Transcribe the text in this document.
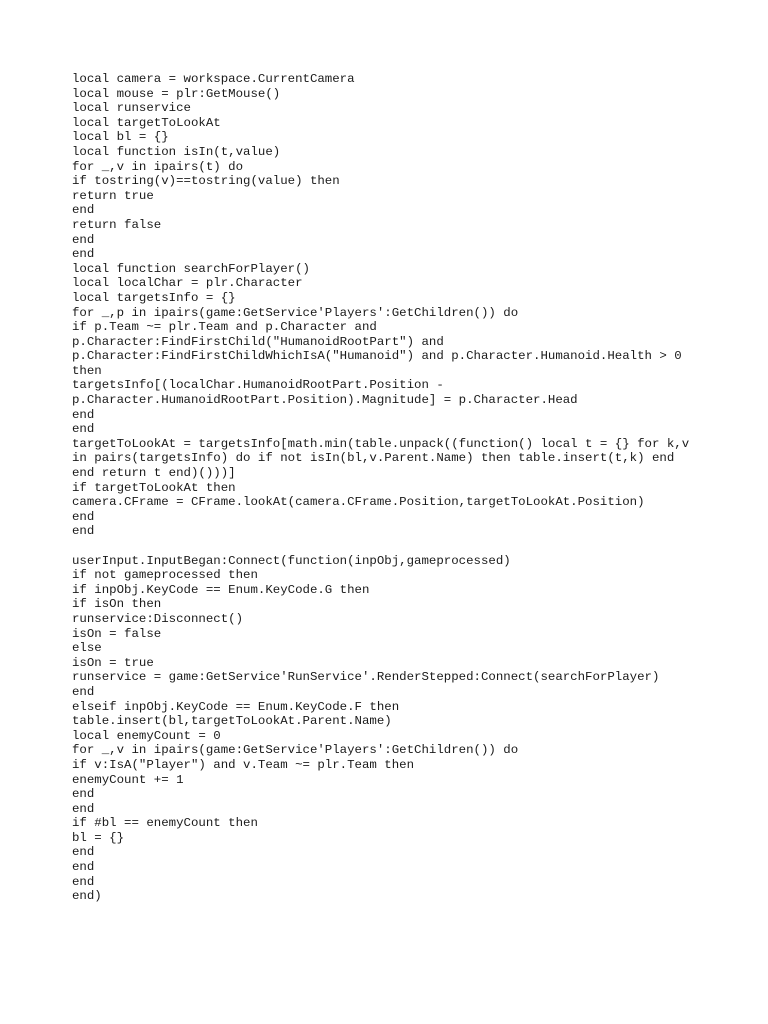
local camera = workspace.CurrentCamera
local mouse = plr:GetMouse()
local runservice
local targetToLookAt
local bl = {}
local function isIn(t,value)
for _,v in ipairs(t) do
if tostring(v)==tostring(value) then
return true
end
return false
end
end
local function searchForPlayer()
local localChar = plr.Character
local targetsInfo = {}
for _,p in ipairs(game:GetService'Players':GetChildren()) do
if p.Team ~= plr.Team and p.Character and
p.Character:FindFirstChild("HumanoidRootPart") and
p.Character:FindFirstChildWhichIsA("Humanoid") and p.Character.Humanoid.Health > 0
then
targetsInfo[(localChar.HumanoidRootPart.Position -
p.Character.HumanoidRootPart.Position).Magnitude] = p.Character.Head
end
end
targetToLookAt = targetsInfo[math.min(table.unpack((function() local t = {} for k,v
in pairs(targetsInfo) do if not isIn(bl,v.Parent.Name) then table.insert(t,k) end
end return t end)()))]
if targetToLookAt then
camera.CFrame = CFrame.lookAt(camera.CFrame.Position,targetToLookAt.Position)
end
end
userInput.InputBegan:Connect(function(inpObj,gameprocessed)
if not gameprocessed then
if inpObj.KeyCode == Enum.KeyCode.G then
if isOn then
runservice:Disconnect()
isOn = false
else
isOn = true
runservice = game:GetService'RunService'.RenderStepped:Connect(searchForPlayer)
end
elseif inpObj.KeyCode == Enum.KeyCode.F then
table.insert(bl,targetToLookAt.Parent.Name)
local enemyCount = 0
for _,v in ipairs(game:GetService'Players':GetChildren()) do
if v:IsA("Player") and v.Team ~= plr.Team then
enemyCount += 1
end
end
if #bl == enemyCount then
bl = {}
end
end
end
end)
